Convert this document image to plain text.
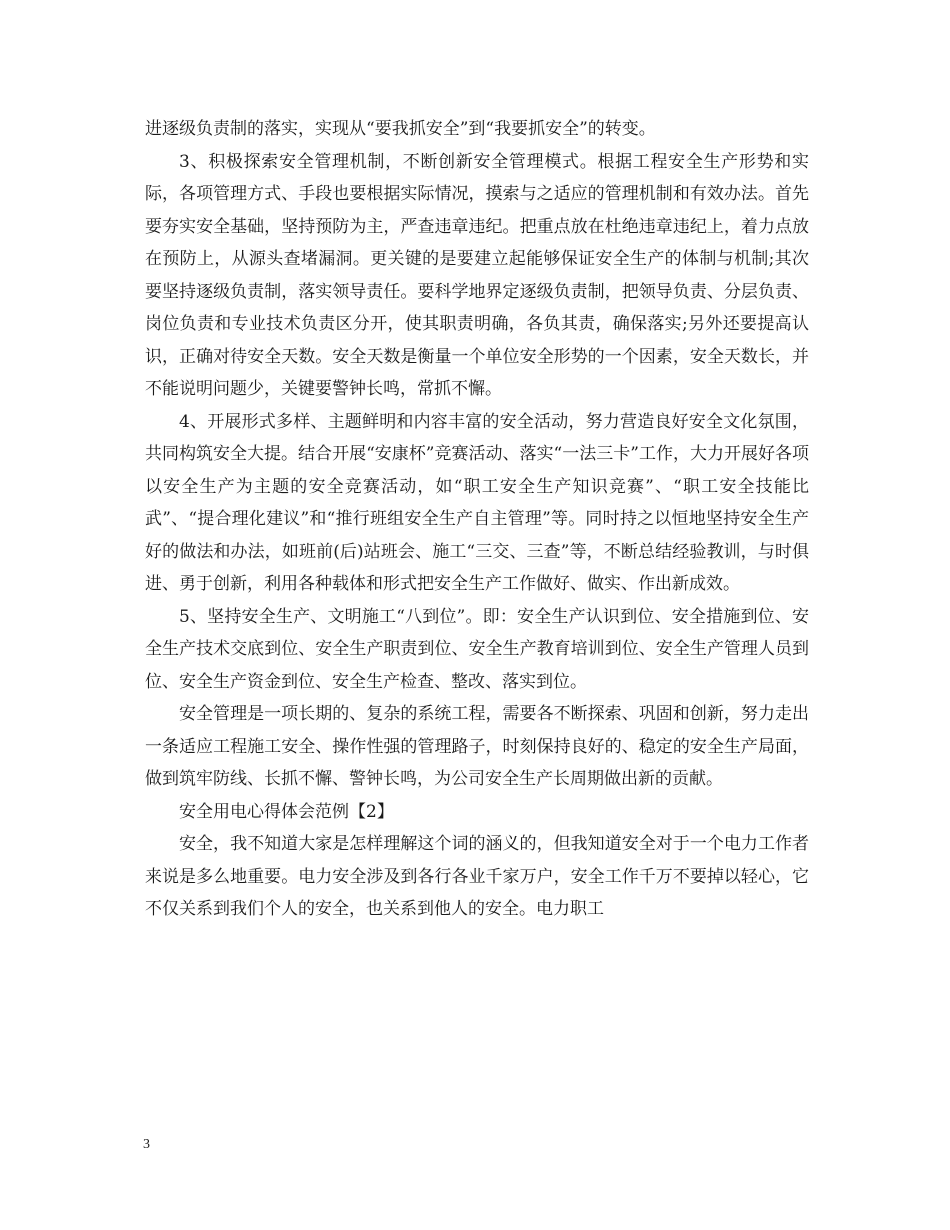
进逐级负责制的落实，实现从“要我抓安全”到“我要抓安全”的转变。

3、积极探索安全管理机制，不断创新安全管理模式。根据工程安全生产形势和实际，各项管理方式、手段也要根据实际情况，摸索与之适应的管理机制和有效办法。首先要夯实安全基础，坚持预防为主，严查违章违纪。把重点放在杜绝违章违纪上，着力点放在预防上，从源头查堵漏洞。更关键的是要建立起能够保证安全生产的体制与机制;其次要坚持逐级负责制，落实领导责任。要科学地界定逐级负责制，把领导负责、分层负责、岗位负责和专业技术负责区分开，使其职责明确，各负其责，确保落实;另外还要提高认识，正确对待安全天数。安全天数是衡量一个单位安全形势的一个因素，安全天数长，并不能说明问题少，关键要警钟长鸣，常抓不懈。

4、开展形式多样、主题鲜明和内容丰富的安全活动，努力营造良好安全文化氛围，共同构筑安全大提。结合开展“安康杯”竞赛活动、落实“一法三卡”工作，大力开展好各项以安全生产为主题的安全竞赛活动，如“职工安全生产知识竞赛”、“职工安全技能比武”、“提合理化建议”和“推行班组安全生产自主管理”等。同时持之以恒地坚持安全生产好的做法和办法，如班前(后)站班会、施工“三交、三查”等，不断总结经验教训，与时俱进、勇于创新，利用各种载体和形式把安全生产工作做好、做实、作出新成效。

5、坚持安全生产、文明施工“八到位”。即：安全生产认识到位、安全措施到位、安全生产技术交底到位、安全生产职责到位、安全生产教育培训到位、安全生产管理人员到位、安全生产资金到位、安全生产检查、整改、落实到位。

安全管理是一项长期的、复杂的系统工程，需要各不断探索、巩固和创新，努力走出一条适应工程施工安全、操作性强的管理路子，时刻保持良好的、稳定的安全生产局面，做到筑牢防线、长抓不懈、警钟长鸣，为公司安全生产长周期做出新的贡献。

安全用电心得体会范例【2】

安全，我不知道大家是怎样理解这个词的涵义的，但我知道安全对于一个电力工作者来说是多么地重要。电力安全涉及到各行各业千家万户，安全工作千万不要掉以轻心，它不仅关系到我们个人的安全，也关系到他人的安全。电力职工

3
